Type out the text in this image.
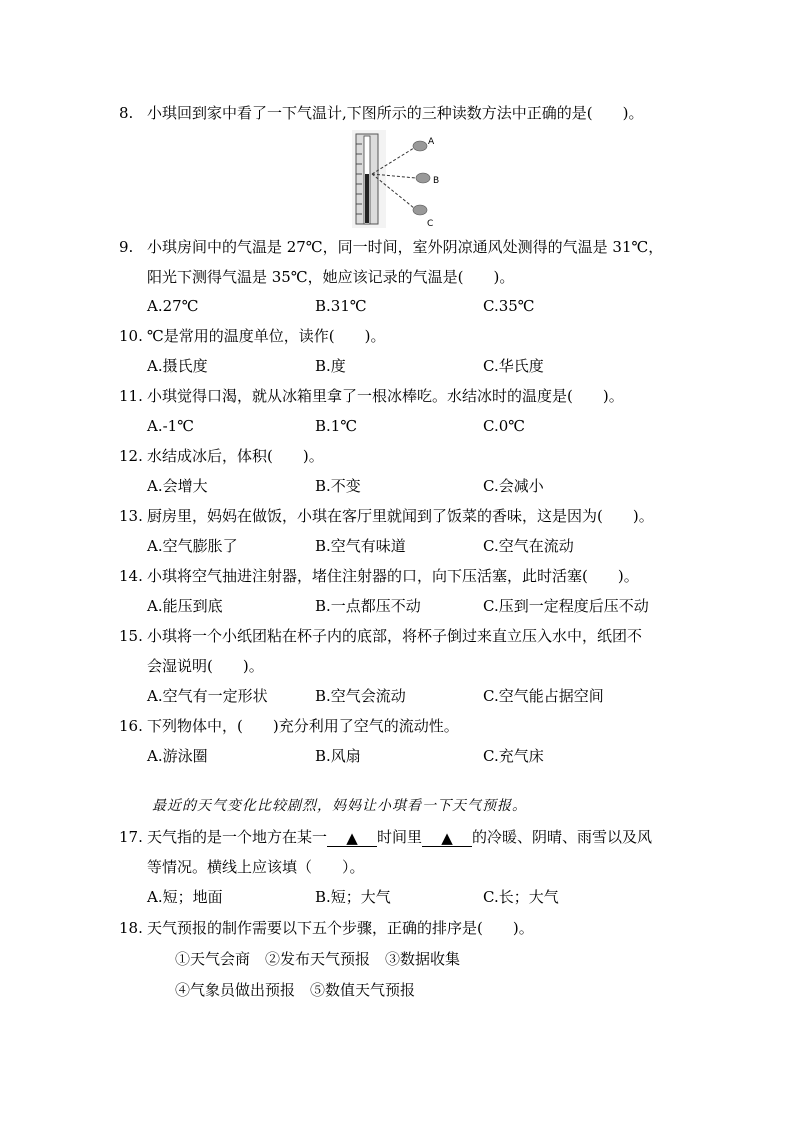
8. 小琪回到家中看了一下气温计,下图所示的三种读数方法中正确的是(　　)。
A
B
C
9. 小琪房间中的气温是 27℃，同一时间，室外阴凉通风处测得的气温是 31℃，
阳光下测得气温是 35℃，她应该记录的气温是(　　)。
A.27℃	B.31℃	C.35℃
10. ℃是常用的温度单位，读作(　　)。
A.摄氏度	B.度	C.华氏度
11. 小琪觉得口渴，就从冰箱里拿了一根冰棒吃。水结冰时的温度是(　　)。
A.-1℃	B.1℃	C.0℃
12. 水结成冰后，体积(　　)。
A.会增大	B.不变	C.会减小
13. 厨房里，妈妈在做饭，小琪在客厅里就闻到了饭菜的香味，这是因为(　　)。
A.空气膨胀了	B.空气有味道	C.空气在流动
14. 小琪将空气抽进注射器，堵住注射器的口，向下压活塞，此时活塞(　　)。
A.能压到底	B.一点都压不动	C.压到一定程度后压不动
15. 小琪将一个小纸团粘在杯子内的底部，将杯子倒过来直立压入水中，纸团不
会湿说明(　　)。
A.空气有一定形状	B.空气会流动	C.空气能占据空间
16. 下列物体中，(　　)充分利用了空气的流动性。
A.游泳圈	B.风扇	C.充气床
最近的天气变化比较剧烈，妈妈让小琪看一下天气预报。
17. 天气指的是一个地方在某一 ▲ 时间里 ▲ 的冷暖、阴晴、雨雪以及风
等情况。横线上应该填（　　）。
A.短；地面	B.短；大气	C.长；大气
18. 天气预报的制作需要以下五个步骤，正确的排序是(　　)。
①天气会商　②发布天气预报　③数据收集
④气象员做出预报　⑤数值天气预报
